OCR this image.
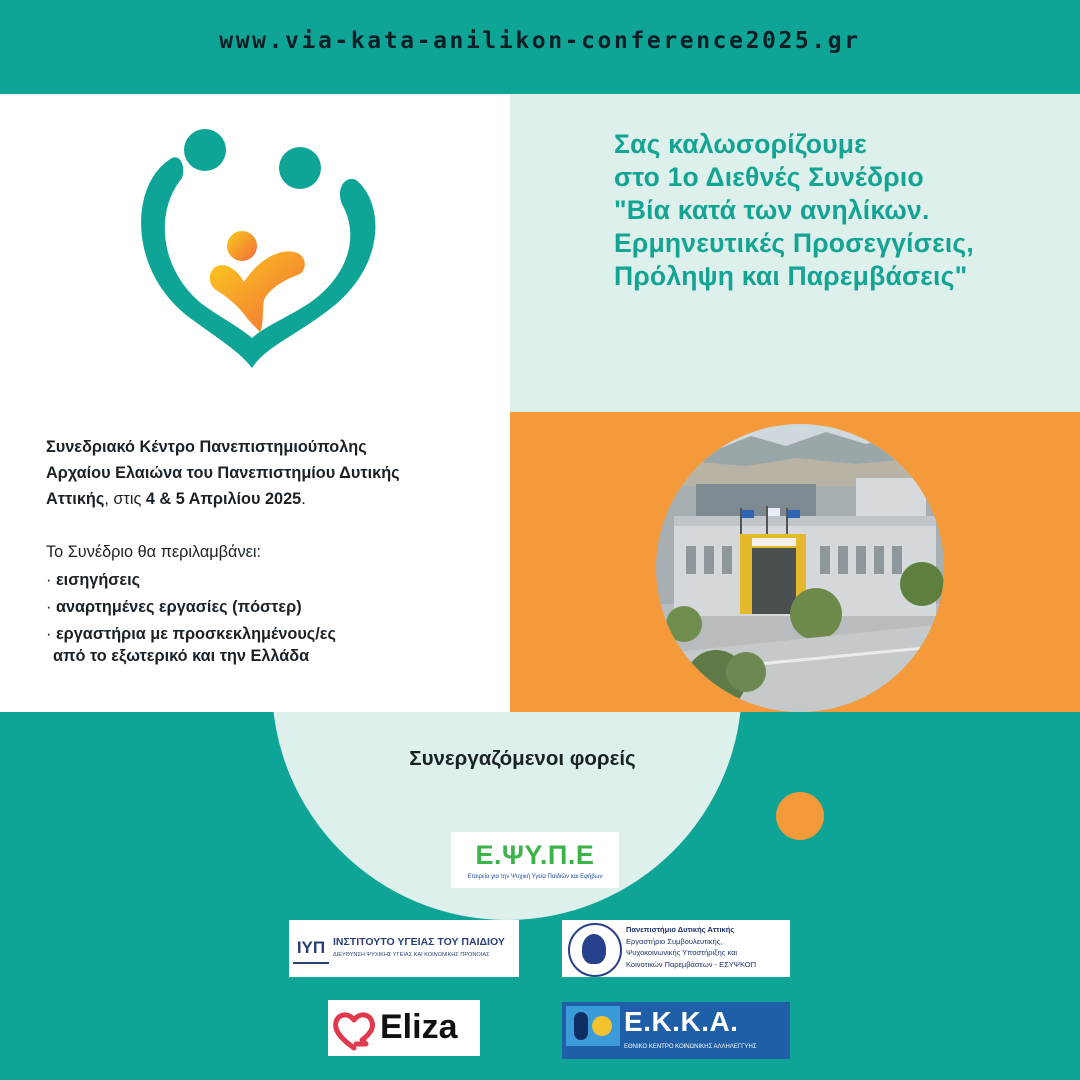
www.via-kata-anilikon-conference2025.gr
Σας καλωσορίζουμε
στο 1ο Διεθνές Συνέδριο
"Βία κατά των ανηλίκων.
Ερμηνευτικές Προσεγγίσεις,
Πρόληψη και Παρεμβάσεις"
Συνεδριακό Κέντρο Πανεπιστημιούπολης
Αρχαίου Ελαιώνα του Πανεπιστημίου Δυτικής
Αττικής, στις 4 & 5 Απριλίου 2025.
Το Συνέδριο θα περιλαμβάνει:
· εισηγήσεις
· αναρτημένες εργασίες (πόστερ)
· εργαστήρια με προσκεκλημένους/ες
από το εξωτερικό και την Ελλάδα
Συνεργαζόμενοι φορείς
Ε.ΨΥ.Π.Ε
Εταιρεία για την Ψυχική Υγεία Παιδιών και Εφήβων
ΙΥΠ ΙΝΣΤΙΤΟΥΤΟ ΥΓΕΙΑΣ ΤΟΥ ΠΑΙΔΙΟΥ
ΔΙΕΥΘΥΝΣΗ ΨΥΧΙΚΗΣ ΥΓΕΙΑΣ ΚΑΙ ΚΟΙΝΩΝΙΚΗΣ ΠΡΟΝΟΙΑΣ
Πανεπιστήμιο Δυτικής Αττικής
Εργαστήριο Συμβουλευτικής,
Ψυχοκοινωνικής Υποστήριξης και
Κοινοτικών Παρεμβάσεων - ΕΣΥΨΚΟΠ
Eliza	Ε.Κ.Κ.Α.
ΕΘΝΙΚΟ ΚΕΝΤΡΟ ΚΟΙΝΩΝΙΚΗΣ ΑΛΛΗΛΕΓΓΥΗΣ
